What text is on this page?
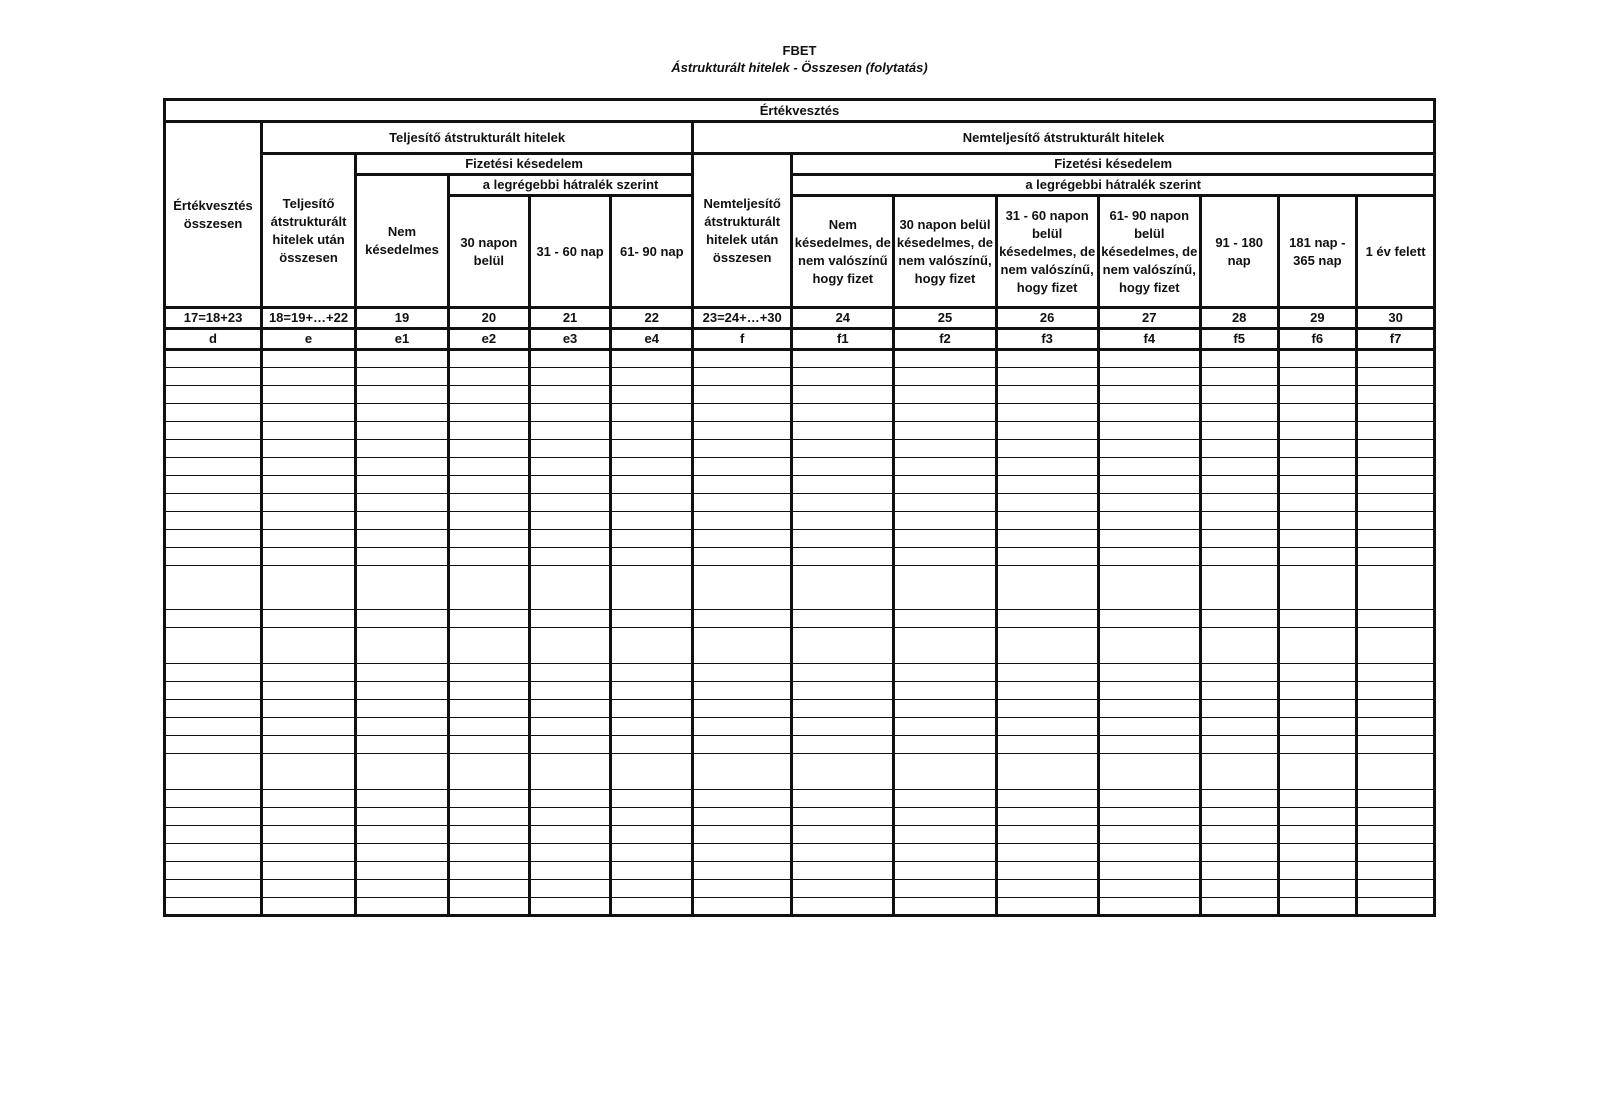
FBET
Ástrukturált hitelek - Összesen (folytatás)
Értékvesztés													
Értékvesztés összesen	Teljesítő átstrukturált hitelek					Nemteljesítő átstrukturált hitelek							
	Teljesítő átstrukturált hitelek után összesen	Fizetési késedelem				Nemteljesítő átstrukturált hitelek után összesen	Fizetési késedelem						
		Nem késedelmes	a legrégebbi hátralék szerint				a legrégebbi hátralék szerint						
			30 napon belül	31 - 60 nap	61- 90 nap		Nem késedelmes, de nem valószínű hogy fizet	30 napon belül késedelmes, de nem valószínű, hogy fizet	31 - 60 napon belül késedelmes, de nem valószínű, hogy fizet	61- 90 napon belül késedelmes, de nem valószínű, hogy fizet	91 - 180 nap	181 nap - 365 nap	1 év felett
17=18+23	18=19+…+22	19	20	21	22	23=24+…+30	24	25	26	27	28	29	30
d	e	e1	e2	e3	e4	f	f1	f2	f3	f4	f5	f6	f7
